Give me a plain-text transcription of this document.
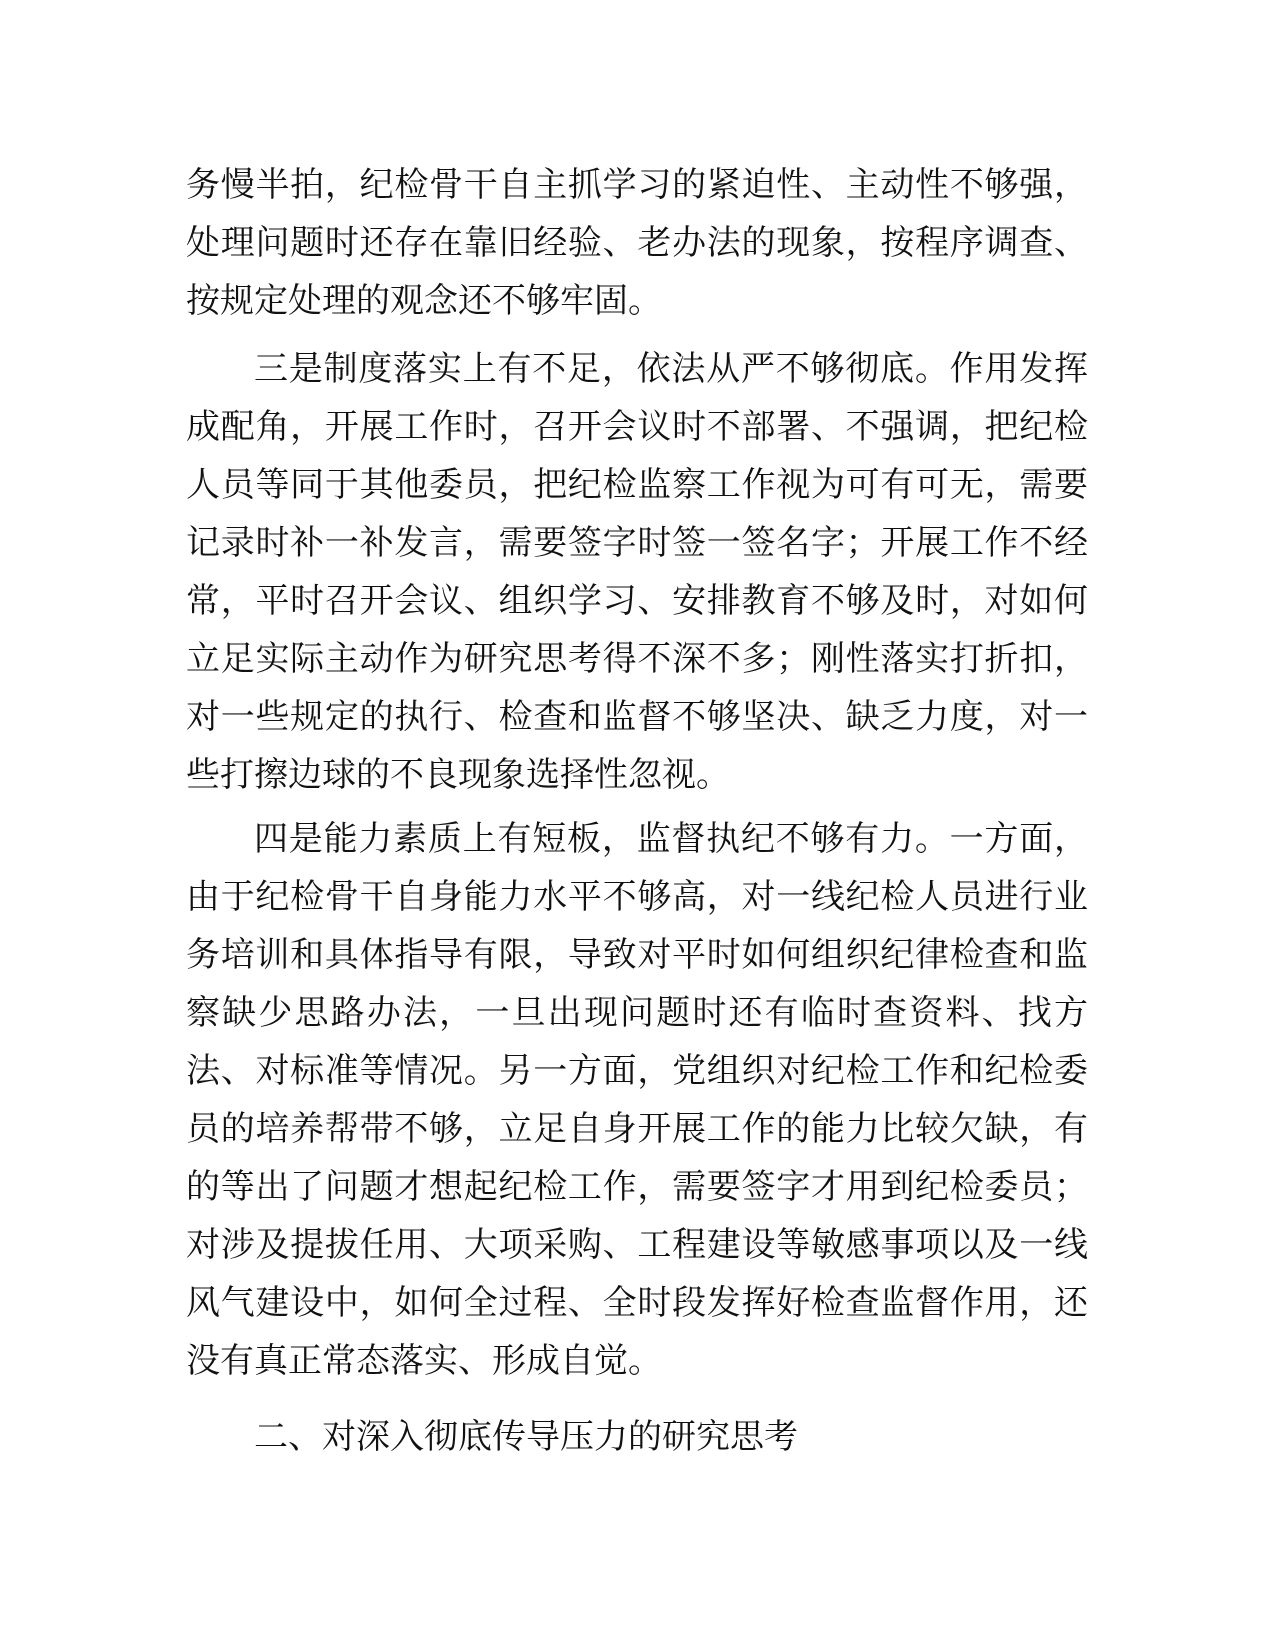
务慢半拍，纪检骨干自主抓学习的紧迫性、主动性不够强，处理问题时还存在靠旧经验、老办法的现象，按程序调查、按规定处理的观念还不够牢固。

三是制度落实上有不足，依法从严不够彻底。作用发挥成配角，开展工作时，召开会议时不部署、不强调，把纪检人员等同于其他委员，把纪检监察工作视为可有可无，需要记录时补一补发言，需要签字时签一签名字；开展工作不经常，平时召开会议、组织学习、安排教育不够及时，对如何立足实际主动作为研究思考得不深不多；刚性落实打折扣，对一些规定的执行、检查和监督不够坚决、缺乏力度，对一些打擦边球的不良现象选择性忽视。

四是能力素质上有短板，监督执纪不够有力。一方面，由于纪检骨干自身能力水平不够高，对一线纪检人员进行业务培训和具体指导有限，导致对平时如何组织纪律检查和监察缺少思路办法，一旦出现问题时还有临时查资料、找方法、对标准等情况。另一方面，党组织对纪检工作和纪检委员的培养帮带不够，立足自身开展工作的能力比较欠缺，有的等出了问题才想起纪检工作，需要签字才用到纪检委员；对涉及提拔任用、大项采购、工程建设等敏感事项以及一线风气建设中，如何全过程、全时段发挥好检查监督作用，还没有真正常态落实、形成自觉。

二、对深入彻底传导压力的研究思考
